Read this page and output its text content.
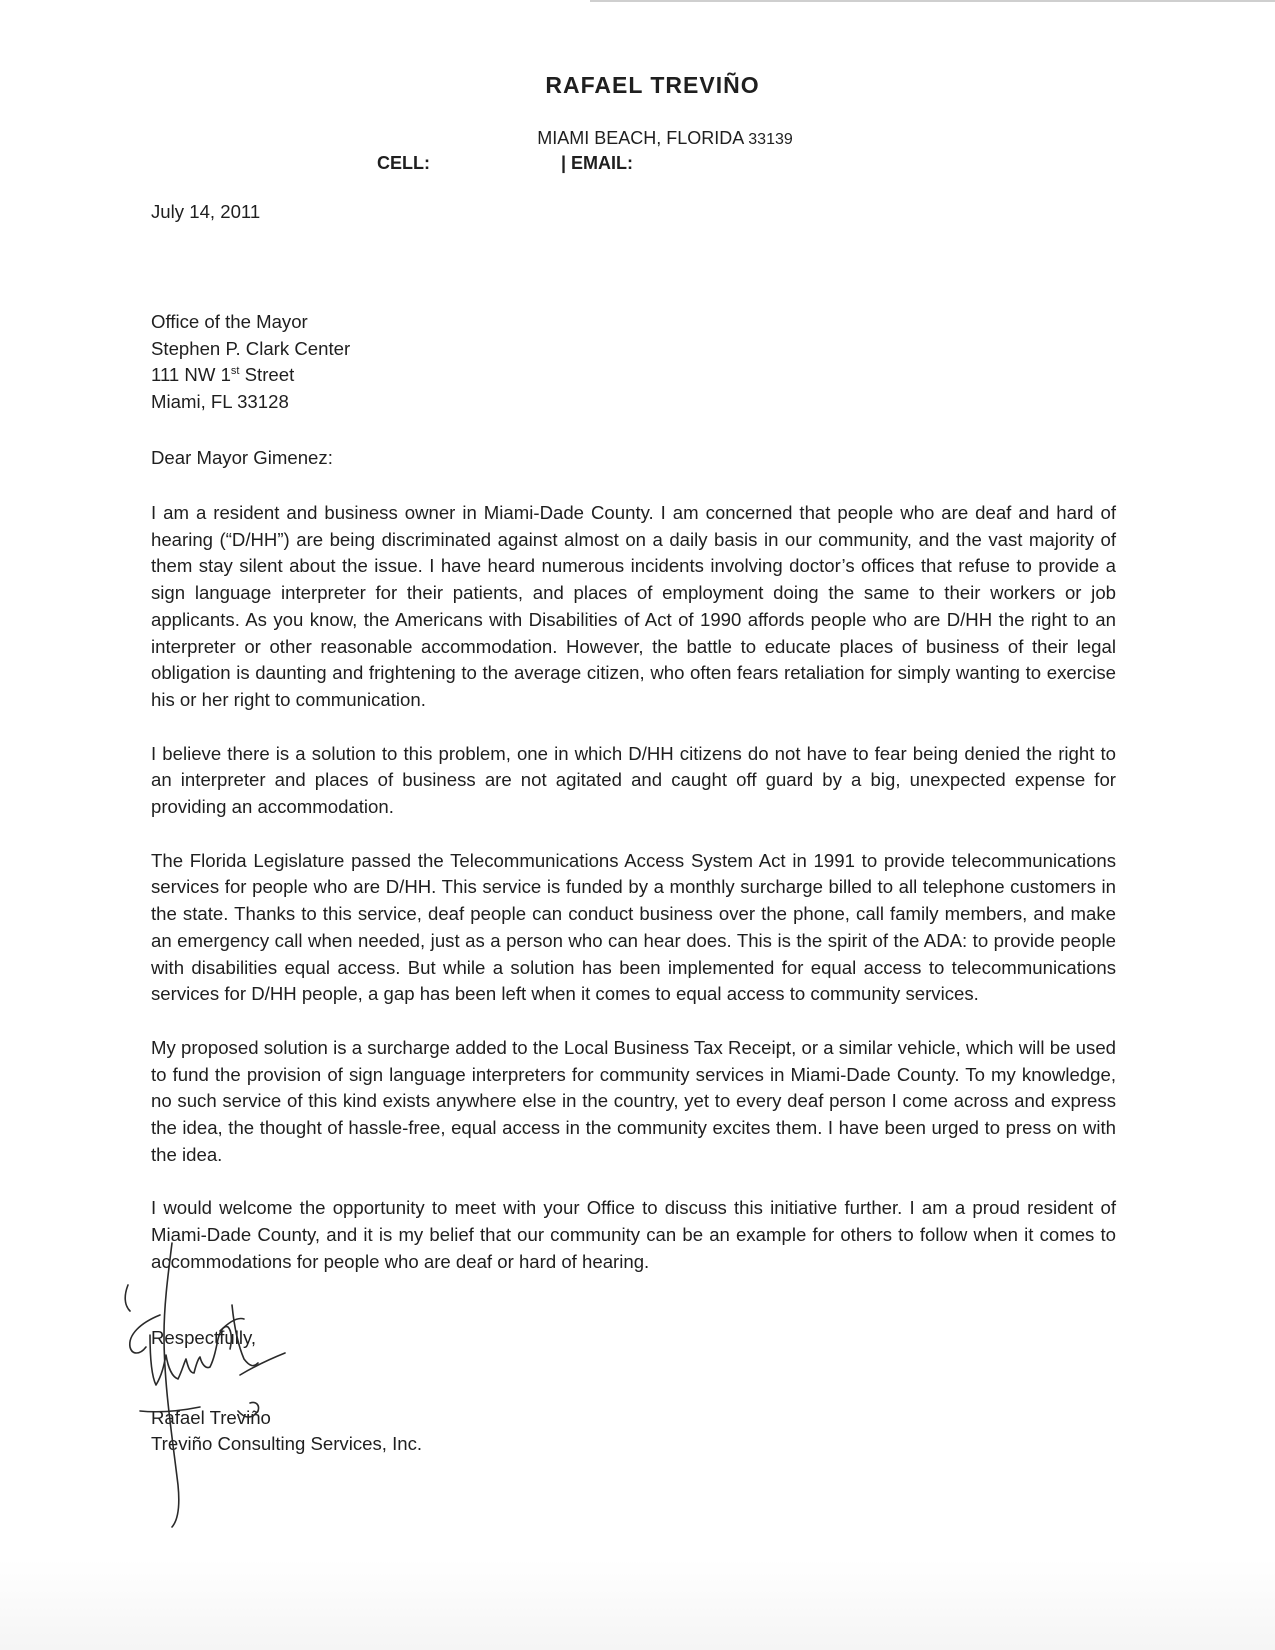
RAFAEL TREVIÑO
MIAMI BEACH, FLORIDA 33139
CELL:	| EMAIL:
July 14, 2011
Office of the Mayor
Stephen P. Clark Center
111 NW 1st Street
Miami, FL 33128
Dear Mayor Gimenez:

I am a resident and business owner in Miami-Dade County. I am concerned that people who are deaf and hard of hearing (“D/HH”) are being discriminated against almost on a daily basis in our community, and the vast majority of them stay silent about the issue. I have heard numerous incidents involving doctor’s offices that refuse to provide a sign language interpreter for their patients, and places of employment doing the same to their workers or job applicants. As you know, the Americans with Disabilities of Act of 1990 affords people who are D/HH the right to an interpreter or other reasonable accommodation. However, the battle to educate places of business of their legal obligation is daunting and frightening to the average citizen, who often fears retaliation for simply wanting to exercise his or her right to communication.

I believe there is a solution to this problem, one in which D/HH citizens do not have to fear being denied the right to an interpreter and places of business are not agitated and caught off guard by a big, unexpected expense for providing an accommodation.

The Florida Legislature passed the Telecommunications Access System Act in 1991 to provide telecommunications services for people who are D/HH. This service is funded by a monthly surcharge billed to all telephone customers in the state. Thanks to this service, deaf people can conduct business over the phone, call family members, and make an emergency call when needed, just as a person who can hear does. This is the spirit of the ADA: to provide people with disabilities equal access. But while a solution has been implemented for equal access to telecommunications services for D/HH people, a gap has been left when it comes to equal access to community services.

My proposed solution is a surcharge added to the Local Business Tax Receipt, or a similar vehicle, which will be used to fund the provision of sign language interpreters for community services in Miami-Dade County. To my knowledge, no such service of this kind exists anywhere else in the country, yet to every deaf person I come across and express the idea, the thought of hassle-free, equal access in the community excites them. I have been urged to press on with the idea.

I would welcome the opportunity to meet with your Office to discuss this initiative further. I am a proud resident of Miami-Dade County, and it is my belief that our community can be an example for others to follow when it comes to accommodations for people who are deaf or hard of hearing.

Respectfully,
Rafael Treviño
Treviño Consulting Services, Inc.
